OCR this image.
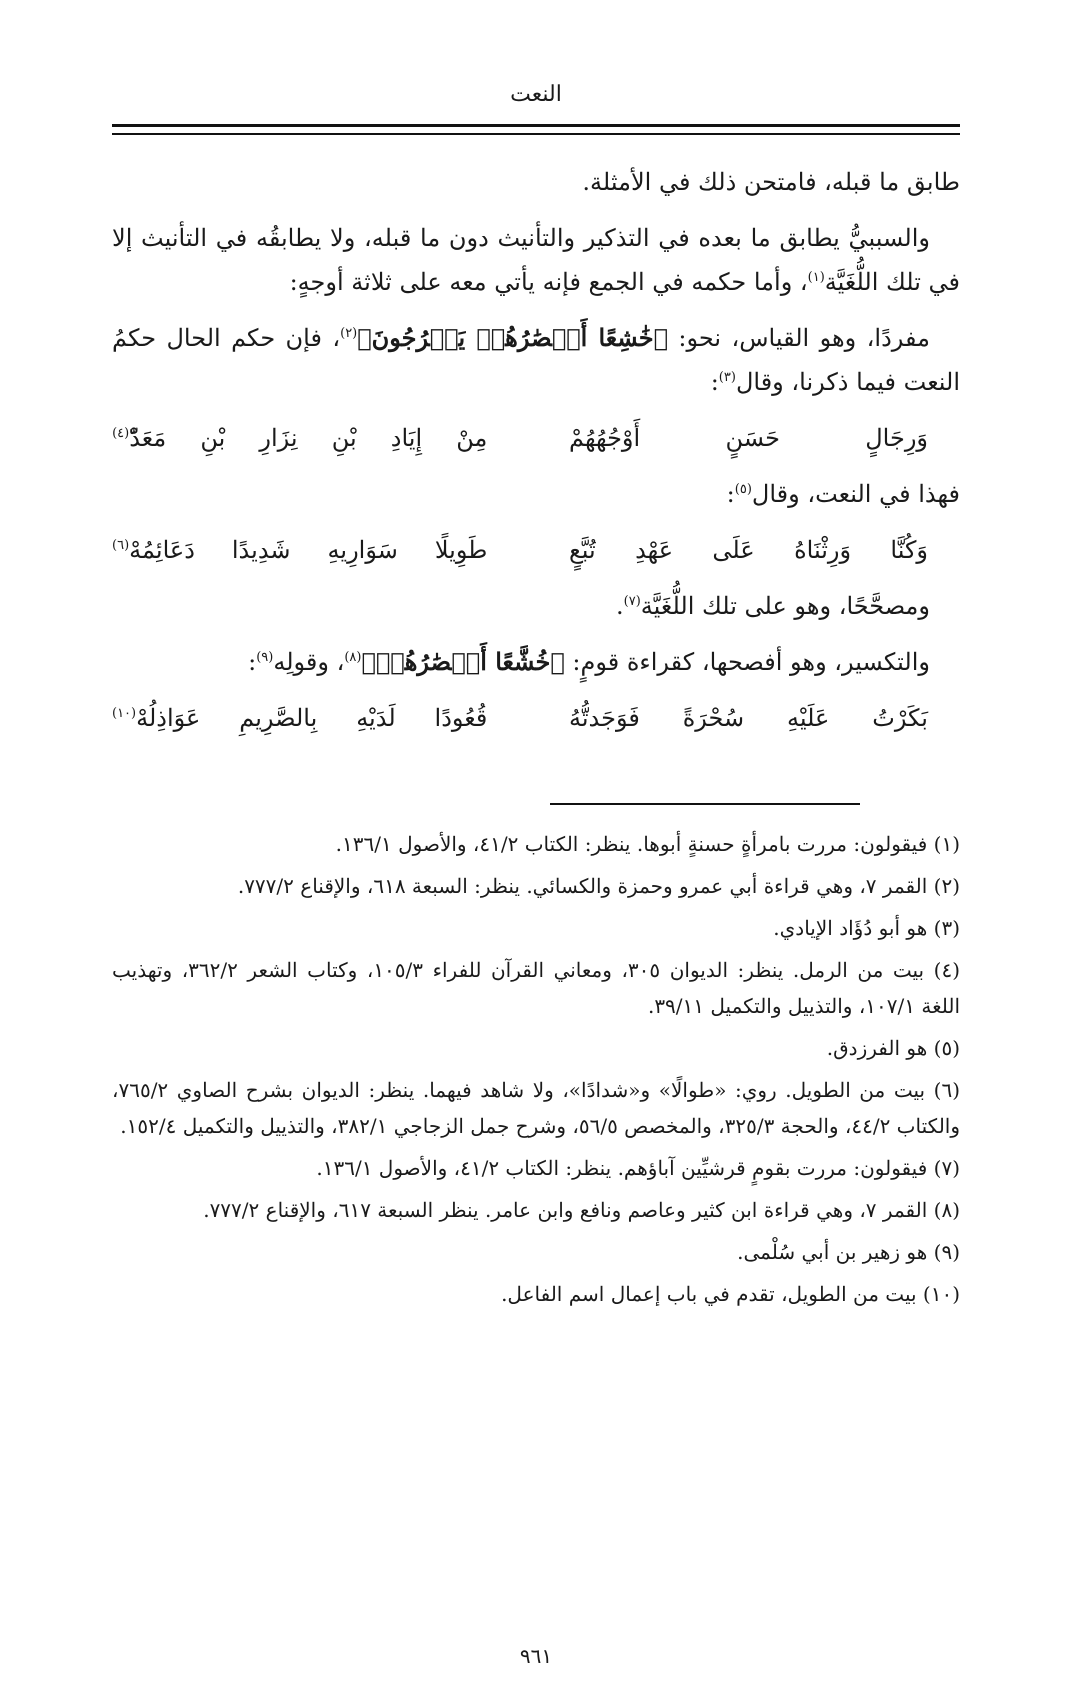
النعت

طابق ما قبله، فامتحن ذلك في الأمثلة.

والسببيُّ يطابق ما بعده في التذكير والتأنيث دون ما قبله، ولا يطابقُه في التأنيث إلا في تلك اللُّغَيَّة$^{(١)}$، وأما حكمه في الجمع فإنه يأتي معه على ثلاثة أوجهٍ:

مفردًا، وهو القياس، نحو: ﴿خَٰشِعًا أَبۡصَٰرُهُمۡ يَخۡرُجُونَ﴾$^{(٢)}$، فإن حكم الحال حكمُ النعت فيما ذكرنا، وقال$^{(٣)}$:

وَرِجَالٍ
حَسَنٍ
أَوْجُهُهُمْ
مِنْ
إِيَادِ
بْنِ
نِزَارِ
بْنِ
مَعَدّْ$^{(٤)}$

فهذا في النعت، وقال$^{(٥)}$:

وَكُنَّا
وَرِثْنَاهُ
عَلَى
عَهْدِ
تُبَّعٍ
طَوِيلًا
سَوَارِيهِ
شَدِيدًا
دَعَائِمُهْ$^{(٦)}$

ومصحَّحًا، وهو على تلك اللُّغَيَّة$^{(٧)}$.

والتكسير، وهو أفصحها، كقراءة قومٍ: ﴿خُشَّعًا أَبۡصَٰرُهُمۡ﴾$^{(٨)}$، وقولِه$^{(٩)}$:

بَكَرْتُ
عَلَيْهِ
سُحْرَةً
فَوَجَدتُّهُ
قُعُودًا
لَدَيْهِ
بِالصَّرِيمِ
عَوَاذِلُهْ$^{(١٠)}$

(١) فيقولون: مررت بامرأةٍ حسنةٍ أبوها. ينظر: الكتاب ٤١/٢، والأصول ١٣٦/١.

(٢) القمر ٧، وهي قراءة أبي عمرو وحمزة والكسائي. ينظر: السبعة ٦١٨، والإقناع ٧٧٧/٢.

(٣) هو أبو دُؤَاد الإيادي.

(٤) بيت من الرمل. ينظر: الديوان ٣٠٥، ومعاني القرآن للفراء ١٠٥/٣، وكتاب الشعر ٣٦٢/٢، وتهذيب اللغة ١٠٧/١، والتذييل والتكميل ٣٩/١١.

(٥) هو الفرزدق.

(٦) بيت من الطويل. روي: «طوالًا» و«شدادًا»، ولا شاهد فيهما. ينظر: الديوان بشرح الصاوي ٧٦٥/٢، والكتاب ٤٤/٢، والحجة ٣٢٥/٣، والمخصص ٥٦/٥، وشرح جمل الزجاجي ٣٨٢/١، والتذييل والتكميل ١٥٢/٤.

(٧) فيقولون: مررت بقومٍ قرشيِّين آباؤهم. ينظر: الكتاب ٤١/٢، والأصول ١٣٦/١.

(٨) القمر ٧، وهي قراءة ابن كثير وعاصم ونافع وابن عامر. ينظر السبعة ٦١٧، والإقناع ٧٧٧/٢.

(٩) هو زهير بن أبي سُلْمى.

(١٠) بيت من الطويل، تقدم في باب إعمال اسم الفاعل.

٩٦١
